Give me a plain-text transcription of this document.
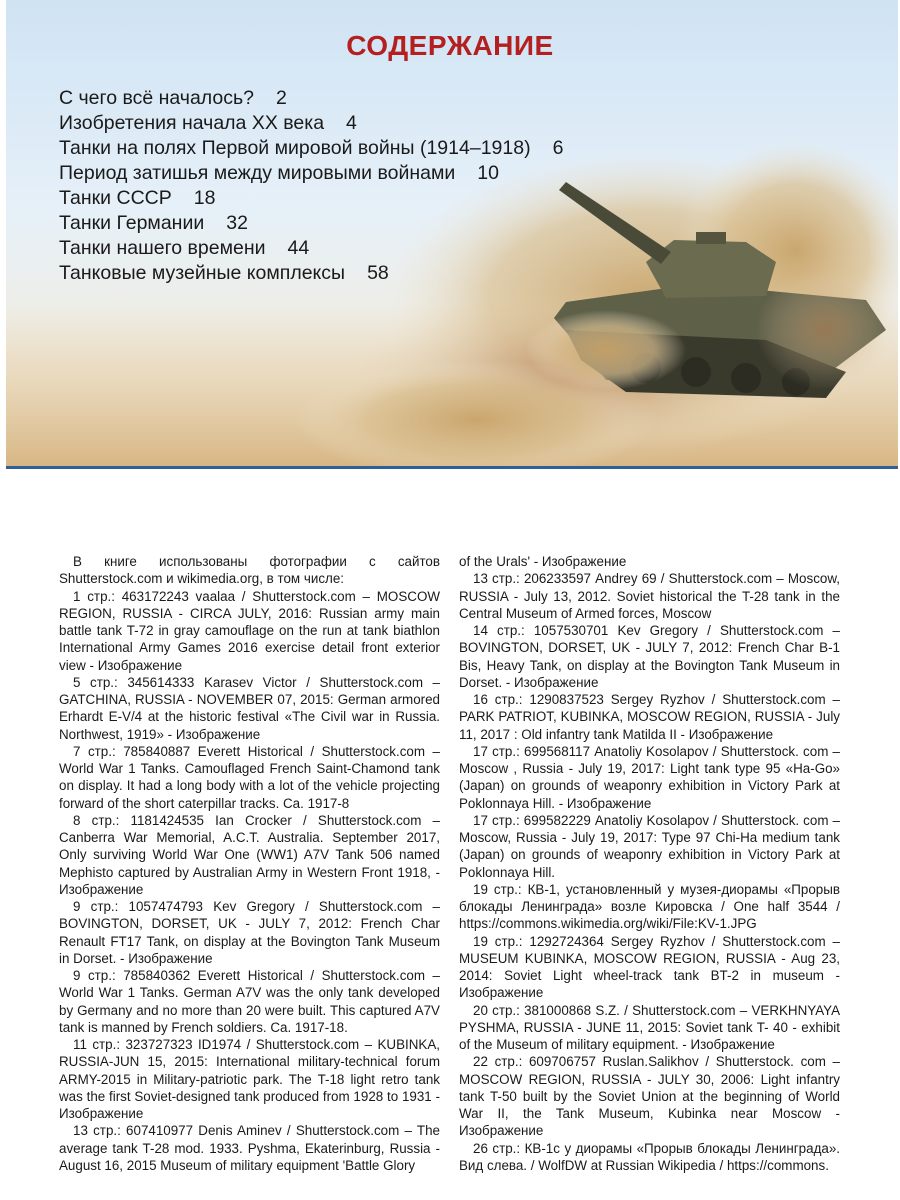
СОДЕРЖАНИЕ
С чего всё началось? 2
Изобретения начала XX века 4
Танки на полях Первой мировой войны (1914–1918) 6
Период затишья между мировыми войнами 10
Танки СССР 18
Танки Германии 32
Танки нашего времени 44
Танковые музейные комплексы 58

В книге использованы фотографии с сайтов Shutterstock.com и wikimedia.org, в том числе:

1 стр.: 463172243 vaalaa / Shutterstock.com – MOSCOW REGION, RUSSIA - CIRCA JULY, 2016: Russian army main battle tank T-72 in gray camouflage on the run at tank biathlon International Army Games 2016 exercise detail front exterior view - Изображение

5 стр.: 345614333 Karasev Victor / Shutterstock.com – GATCHINA, RUSSIA - NOVEMBER 07, 2015: German armored Erhardt E-V/4 at the historic festival «The Civil war in Russia. Northwest, 1919» - Изображение

7 стр.: 785840887 Everett Historical / Shutterstock.com – World War 1 Tanks. Camouflaged French Saint-Chamond tank on display. It had a long body with a lot of the vehicle projecting forward of the short caterpillar tracks. Ca. 1917-8

8 стр.: 1181424535 Ian Crocker / Shutterstock.com – Canberra War Memorial, A.C.T. Australia. September 2017, Only surviving World War One (WW1) A7V Tank 506 named Mephisto captured by Australian Army in Western Front 1918, - Изображение

9 стр.: 1057474793 Kev Gregory / Shutterstock.com – BOVINGTON, DORSET, UK - JULY 7, 2012: French Char Renault FT17 Tank, on display at the Bovington Tank Museum in Dorset. - Изображение

9 стр.: 785840362 Everett Historical / Shutterstock.com – World War 1 Tanks. German A7V was the only tank developed by Germany and no more than 20 were built. This captured A7V tank is manned by French soldiers. Ca. 1917-18.

11 стр.: 323727323 ID1974 / Shutterstock.com – KUBINKA, RUSSIA-JUN 15, 2015: International military-technical forum ARMY-2015 in Military-patriotic park. The T-18 light retro tank was the first Soviet-designed tank produced from 1928 to 1931 - Изображение

13 стр.: 607410977 Denis Aminev / Shutterstock.com – The average tank T-28 mod. 1933. Pyshma, Ekaterinburg, Russia - August 16, 2015 Museum of military equipment 'Battle Glory

of the Urals' - Изображение

13 стр.: 206233597 Andrey 69 / Shutterstock.com – Moscow, RUSSIA - July 13, 2012. Soviet historical the T-28 tank in the Central Museum of Armed forces, Moscow

14 стр.: 1057530701 Kev Gregory / Shutterstock.com – BOVINGTON, DORSET, UK - JULY 7, 2012: French Char B-1 Bis, Heavy Tank, on display at the Bovington Tank Museum in Dorset. - Изображение

16 стр.: 1290837523 Sergey Ryzhov / Shutterstock.com – PARK PATRIOT, KUBINKA, MOSCOW REGION, RUSSIA - July 11, 2017 : Old infantry tank Matilda II - Изображение

17 стр.: 699568117 Anatoliy Kosolapov / Shutterstock. com – Moscow , Russia - July 19, 2017: Light tank type 95 «Ha-Go» (Japan) on grounds of weaponry exhibition in Victory Park at Poklonnaya Hill. - Изображение

17 стр.: 699582229 Anatoliy Kosolapov / Shutterstock. com – Moscow, Russia - July 19, 2017: Type 97 Chi-Ha medium tank (Japan) on grounds of weaponry exhibition in Victory Park at Poklonnaya Hill.

19 стр.: КВ-1, установленный у музея-диорамы «Прорыв блокады Ленинграда» возле Кировска / One half 3544 / https://commons.wikimedia.org/wiki/File:KV-1.JPG

19 стр.: 1292724364 Sergey Ryzhov / Shutterstock.com – MUSEUM KUBINKA, MOSCOW REGION, RUSSIA - Aug 23, 2014: Soviet Light wheel-track tank BT-2 in museum - Изображение

20 стр.: 381000868 S.Z. / Shutterstock.com – VERKHNYAYA PYSHMA, RUSSIA - JUNE 11, 2015: Soviet tank T- 40 - exhibit of the Museum of military equipment. - Изображение

22 стр.: 609706757 Ruslan.Salikhov / Shutterstock. com – MOSCOW REGION, RUSSIA - JULY 30, 2006: Light infantry tank T-50 built by the Soviet Union at the beginning of World War II, the Tank Museum, Kubinka near Moscow - Изображение

26 стр.: КВ-1с у диорамы «Прорыв блокады Ленинграда». Вид слева. / WolfDW at Russian Wikipedia / https://commons.
